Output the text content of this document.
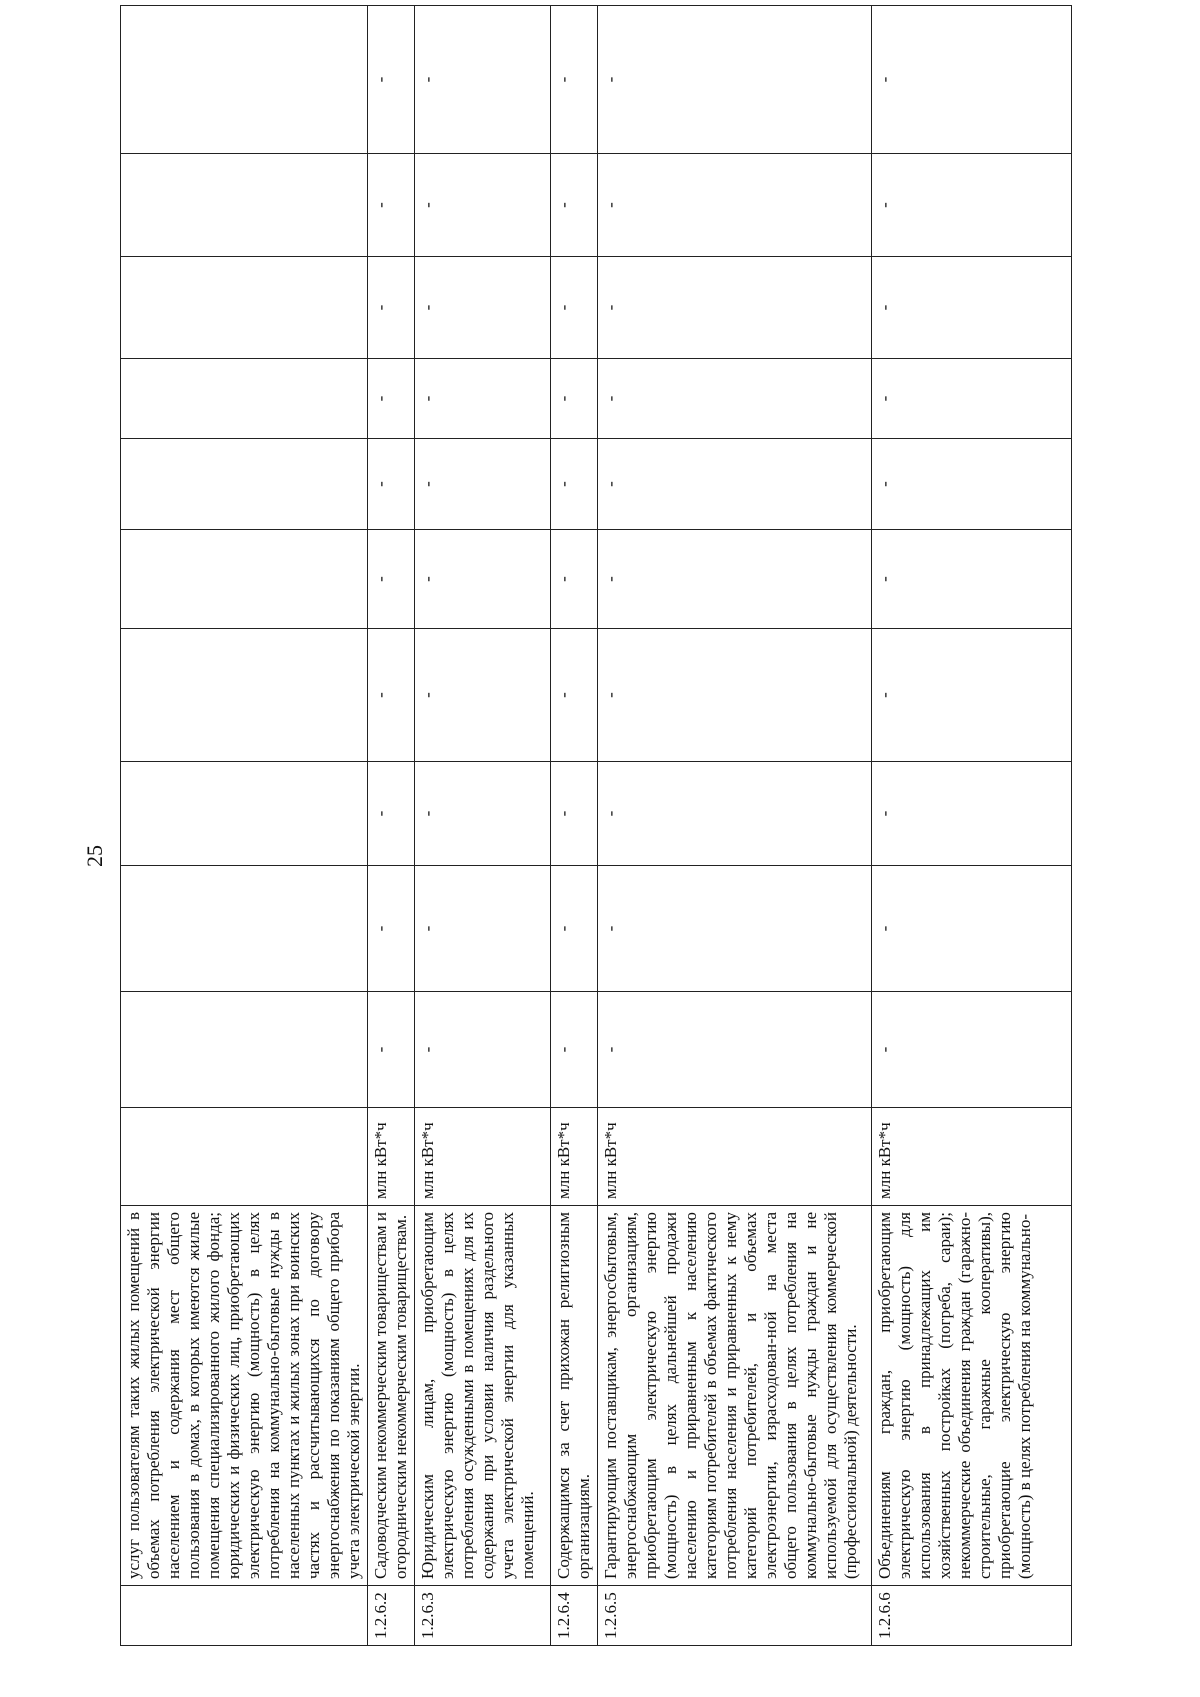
25
	услуг пользователям таких жилых помещений в объемах потребления электрической энергии населением и содержания мест общего пользования в домах, в которых имеются жилые помещения специализированного жилого фонда; юридических и физических лиц, приобретающих электрическую энергию (мощность) в целях потребления на коммунально-бытовые нужды в населенных пунктах и жилых зонах при воинских частях и рассчитывающихся по договору энергоснабжения по показаниям общего прибора учета электрической энергии.											
1.2.6.2	Садоводческим некоммерческим товариществам и огородническим некоммерческим товариществам.	млн кВт*ч	-	-	-	-	-	-	-	-	-	-
1.2.6.3	Юридическим лицам, приобретающим электрическую энергию (мощность) в целях потребления осужденными в помещениях для их содержания при условии наличия раздельного учета электрической энергии для указанных помещений.	млн кВт*ч	-	-	-	-	-	-	-	-	-	-
1.2.6.4	Содержащимся за счет прихожан религиозным организациям.	млн кВт*ч	-	-	-	-	-	-	-	-	-	-
1.2.6.5	Гарантирующим поставщикам, энергосбытовым, энергоснабжающим организациям, приобретающим электрическую энергию (мощность) в целях дальнейшей продажи населению и приравненным к населению категориям потребителей в объемах фактического потребления населения и приравненных к нему категорий потребителей, и объемах электроэнергии, израсходован-ной на места общего пользования в целях потребления на коммунально-бытовые нужды граждан и не используемой для осуществления коммерческой (профессиональной) деятельности.	млн кВт*ч	-	-	-	-	-	-	-	-	-	-
1.2.6.6	Объединениям граждан, приобретающим электрическую энергию (мощность) для использования в принадлежащих им хозяйственных постройках (погреба, сараи); некоммерческие объединения граждан (гаражно-строительные, гаражные кооперативы), приобретающие электрическую энергию (мощность) в целях потребления на коммунально-	млн кВт*ч	-	-	-	-	-	-	-	-	-	-
